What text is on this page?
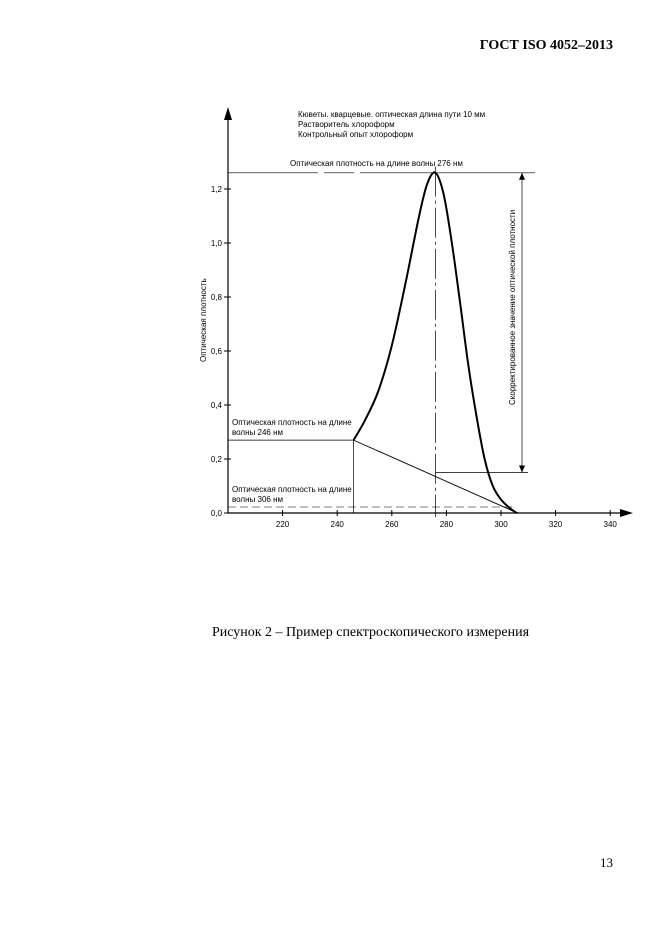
ГОСТ ISO 4052–2013
Кюветы. кварцевые. оптическая длина пути 10 мм
Растворитель хлороформ
Контрольный опыт хлороформ
Оптическая плотность на длине волны 276 нм
Оптическая плотность на длине
волны 246 нм
Оптическая плотность на длине
волны 306 нм
Скорректированное значение оптической плотности
Оптическая плотность
0,0
0,2
0,4
0,6
0,8
1,0
1,2
220	240	260	280	300	320	340
Рисунок 2 – Пример спектроскопического измерения
13
